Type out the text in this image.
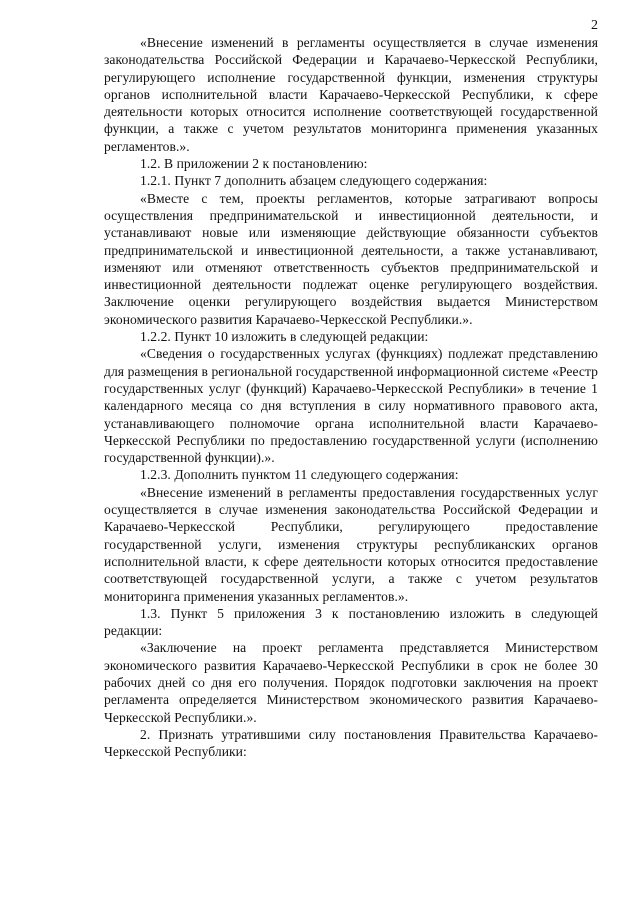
2

«Внесение изменений в регламенты осуществляется в случае изменения законодательства Российской Федерации и Карачаево-Черкесской Республики, регулирующего исполнение государственной функции, изменения структуры органов исполнительной власти Карачаево-Черкесской Республики, к сфере деятельности которых относится исполнение соответствующей государственной функции, а также с учетом результатов мониторинга применения указанных регламентов.».

1.2. В приложении 2 к постановлению:

1.2.1. Пункт 7 дополнить абзацем следующего содержания:

«Вместе с тем, проекты регламентов, которые затрагивают вопросы осуществления предпринимательской и инвестиционной деятельности, и устанавливают новые или изменяющие действующие обязанности субъектов предпринимательской и инвестиционной деятельности, а также устанавливают, изменяют или отменяют ответственность субъектов предпринимательской и инвестиционной деятельности подлежат оценке регулирующего воздействия. Заключение оценки регулирующего воздействия выдается Министерством экономического развития Карачаево-Черкесской Республики.».

1.2.2. Пункт 10 изложить в следующей редакции:

«Сведения о государственных услугах (функциях) подлежат представлению для размещения в региональной государственной информационной системе «Реестр государственных услуг (функций) Карачаево-Черкесской Республики» в течение 1 календарного месяца со дня вступления в силу нормативного правового акта, устанавливающего полномочие органа исполнительной власти Карачаево-Черкесской Республики по предоставлению государственной услуги (исполнению государственной функции).».

1.2.3. Дополнить пунктом 11 следующего содержания:

«Внесение изменений в регламенты предоставления государственных услуг осуществляется в случае изменения законодательства Российской Федерации и Карачаево-Черкесской Республики, регулирующего предоставление государственной услуги, изменения структуры республиканских органов исполнительной власти, к сфере деятельности которых относится предоставление соответствующей государственной услуги, а также с учетом результатов мониторинга применения указанных регламентов.».

1.3. Пункт 5 приложения 3 к постановлению изложить в следующей редакции:

«Заключение на проект регламента представляется Министерством экономического развития Карачаево-Черкесской Республики в срок не более 30 рабочих дней со дня его получения. Порядок подготовки заключения на проект регламента определяется Министерством экономического развития Карачаево-Черкесской Республики.».

2. Признать утратившими силу постановления Правительства Карачаево-Черкесской Республики:
